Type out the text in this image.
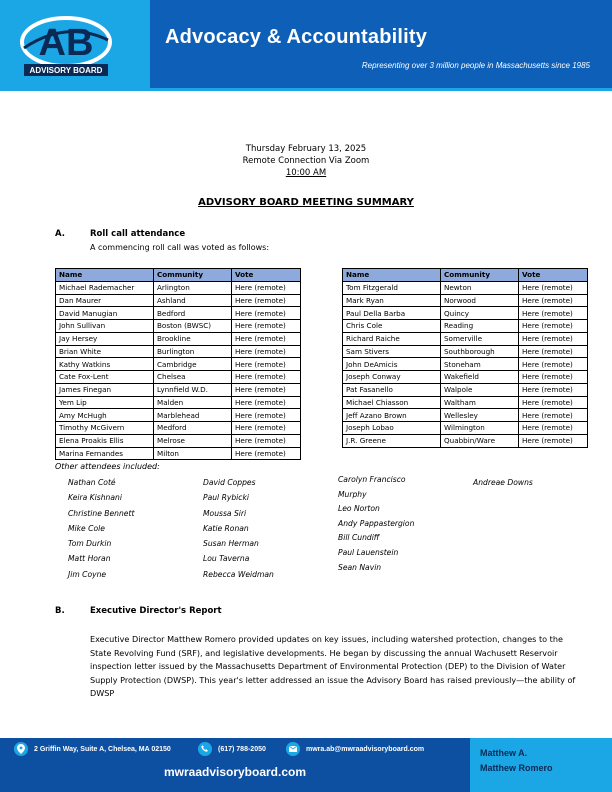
AB
ADVISORY BOARD
Advocacy & Accountability
Representing over 3 million people in Massachusetts since 1985
Thursday February 13, 2025
Remote Connection Via Zoom
10:00 AM
ADVISORY BOARD MEETING SUMMARY
A.	Roll call attendance
A commencing roll call was voted as follows:
Name	Community	Vote
Michael Rademacher	Arlington	Here (remote)
Dan Maurer	Ashland	Here (remote)
David Manugian	Bedford	Here (remote)
John Sullivan	Boston (BWSC)	Here (remote)
Jay Hersey	Brookline	Here (remote)
Brian White	Burlington	Here (remote)
Kathy Watkins	Cambridge	Here (remote)
Cate Fox-Lent	Chelsea	Here (remote)
James Finegan	Lynnfield W.D.	Here (remote)
Yem Lip	Malden	Here (remote)
Amy McHugh	Marblehead	Here (remote)
Timothy McGivern	Medford	Here (remote)
Elena Proakis Ellis	Melrose	Here (remote)
Marina Fernandes	Milton	Here (remote)
Name	Community	Vote
Tom Fitzgerald	Newton	Here (remote)
Mark Ryan	Norwood	Here (remote)
Paul Della Barba	Quincy	Here (remote)
Chris Cole	Reading	Here (remote)
Richard Raiche	Somerville	Here (remote)
Sam Stivers	Southborough	Here (remote)
John DeAmicis	Stoneham	Here (remote)
Joseph Conway	Wakefield	Here (remote)
Pat Fasanello	Walpole	Here (remote)
Michael Chiasson	Waltham	Here (remote)
Jeff Azano Brown	Wellesley	Here (remote)
Joseph Lobao	Wilmington	Here (remote)
J.R. Greene	Quabbin/Ware	Here (remote)
Other attendees included:
Nathan Coté
Keira Kishnani
Christine Bennett
Mike Cole
Tom Durkin
Matt Horan
Jim Coyne
David Coppes
Paul Rybicki
Moussa Siri
Katie Ronan
Susan Herman
Lou Taverna
Rebecca Weidman
Carolyn Francisco
Murphy
Leo Norton
Andy Pappastergion
Bill Cundiff
Paul Lauenstein
Sean Navin
Andreae Downs
B.	Executive Director's Report
Executive Director Matthew Romero provided updates on key issues, including watershed protection, changes to the State Revolving Fund (SRF), and legislative developments. He began by discussing the annual Wachusett Reservoir inspection letter issued by the Massachusetts Department of Environmental Protection (DEP) to the Division of Water Supply Protection (DWSP). This year's letter addressed an issue the Advisory Board has raised previously—the ability of DWSP
2 Griffin Way, Suite A, Chelsea, MA 02150	(617) 788-2050	mwra.ab@mwraadvisoryboard.com
mwraadvisoryboard.com
Matthew A.
Matthew Romero
